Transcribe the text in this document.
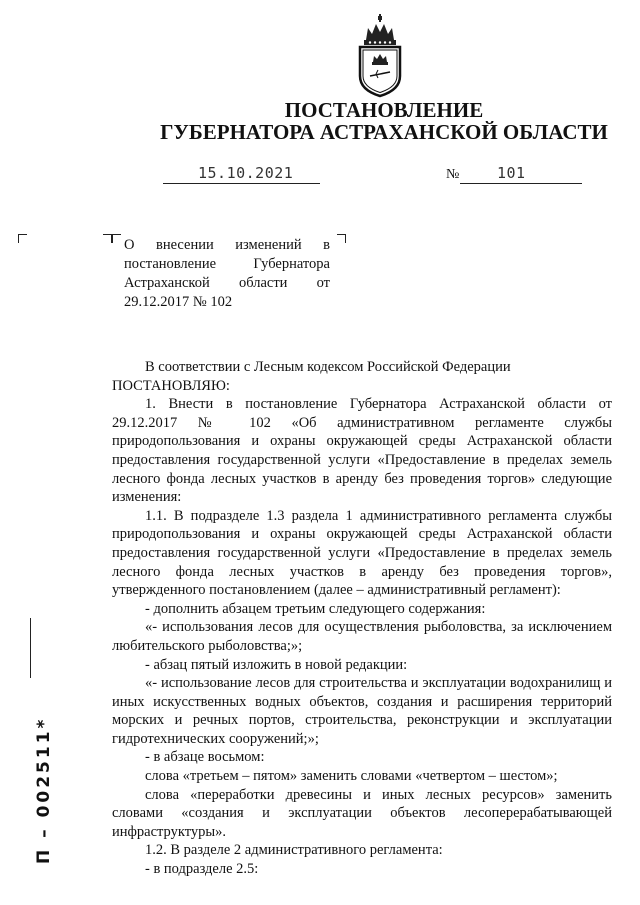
ПОСТАНОВЛЕНИЕ
ГУБЕРНАТОРА АСТРАХАНСКОЙ ОБЛАСТИ
15.10.2021	№	101
О внесении изменений в постановление Губернатора Астраханской области от 29.12.2017 № 102

В соответствии с Лесным кодексом Российской Федерации

ПОСТАНОВЛЯЮ:

1. Внести в постановление Губернатора Астраханской области от 29.12.2017 № 102 «Об административном регламенте службы природопользования и охраны окружающей среды Астраханской области предоставления государственной услуги «Предоставление в пределах земель лесного фонда лесных участков в аренду без проведения торгов» следующие изменения:

1.1. В подразделе 1.3 раздела 1 административного регламента службы природопользования и охраны окружающей среды Астраханской области предоставления государственной услуги «Предоставление в пределах земель лесного фонда лесных участков в аренду без проведения торгов», утвержденного постановлением (далее – административный регламент):

- дополнить абзацем третьим следующего содержания:

«- использования лесов для осуществления рыболовства, за исключением любительского рыболовства;»;

- абзац пятый изложить в новой редакции:

«- использование лесов для строительства и эксплуатации водохранилищ и иных искусственных водных объектов, создания и расширения территорий морских и речных портов, строительства, реконструкции и эксплуатации гидротехнических сооружений;»;

- в абзаце восьмом:

слова «третьем – пятом» заменить словами «четвертом – шестом»;

слова «переработки древесины и иных лесных ресурсов» заменить словами «создания и эксплуатации объектов лесоперерабатывающей инфраструктуры».

1.2. В разделе 2 административного регламента:

- в подразделе 2.5:

П – 002511*
